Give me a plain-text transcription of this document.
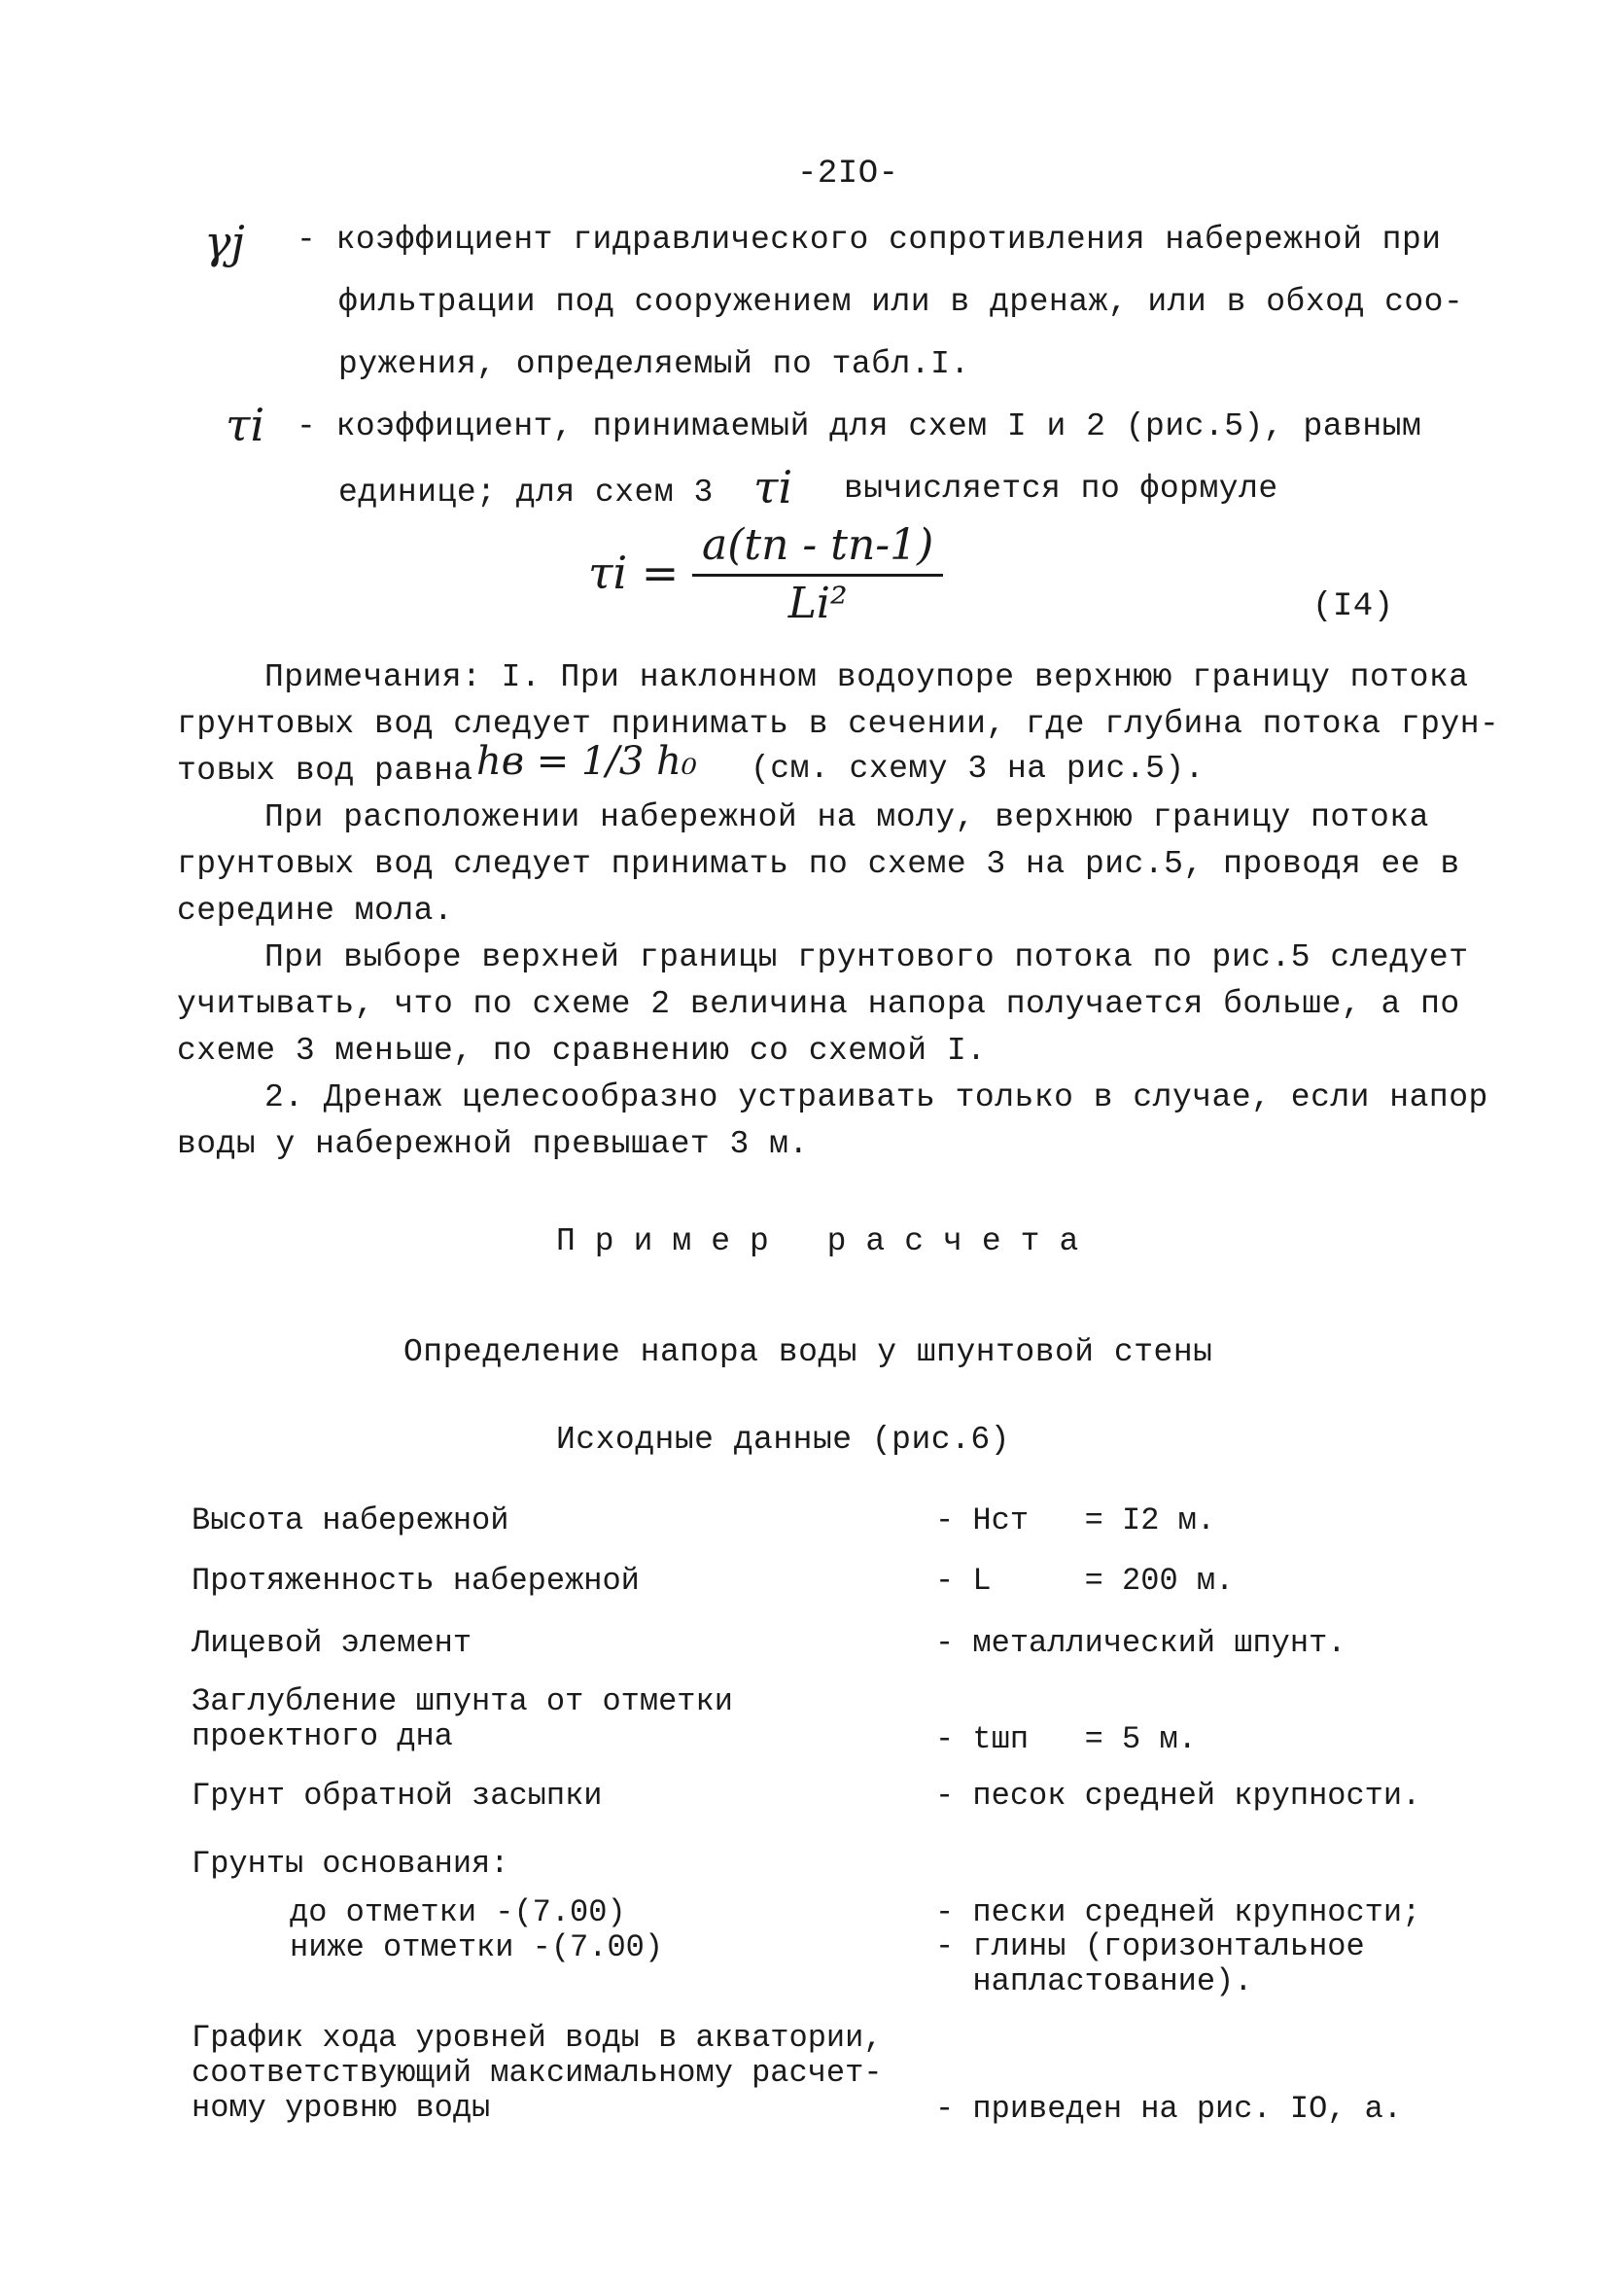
-2IO-
γj - коэффициент гидравлического сопротивления набережной при
фильтрации под сооружением или в дренаж, или в обход соо-
ружения, определяемый по табл.I.
τi - коэффициент, принимаемый для схем I и 2 (рис.5), равным
единице; для схем 3 τi вычисляется по формуле
$\tau i = \frac{a(tn - tn-1)}{\text{Li²}}$	(I4)
Примечания: I. При наклонном водоупоре верхнюю границу потока
грунтовых вод следует принимать в сечении, где глубина потока грун-
товых вод равна hв = 1/3 h₀ (см. схему 3 на рис.5).
При расположении набережной на молу, верхнюю границу потока
грунтовых вод следует принимать по схеме 3 на рис.5, проводя ее в
середине мола.
При выборе верхней границы грунтового потока по рис.5 следует
учитывать, что по схеме 2 величина напора получается больше, а по
схеме 3 меньше, по сравнению со схемой I.
2. Дренаж целесообразно устраивать только в случае, если напор
воды у набережной превышает 3 м.
Пример расчета
Определение напора воды у шпунтовой стены
Исходные данные (рис.6)
Высота набережной	- Hст   = I2 м.
Протяженность набережной	- L     = 200 м.
Лицевой элемент	- металлический шпунт.
Заглубление шпунта от отметки
проектного дна	- tшп   = 5 м.
Грунт обратной засыпки	- песок средней крупности.
Грунты основания:
до отметки -(7.00)	- пески средней крупности;
ниже отметки -(7.00)	- глины (горизонтальное
напластование).
График хода уровней воды в акватории,
соответствующий максимальному расчет-
ному уровню воды	- приведен на рис. IO, а.
